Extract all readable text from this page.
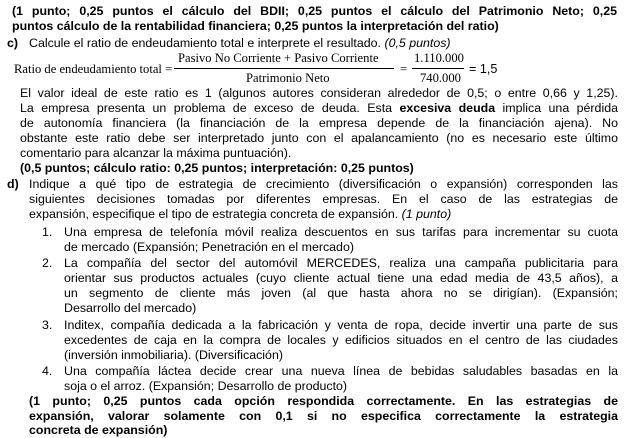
(1 punto; 0,25 puntos el cálculo del BDII; 0,25 puntos el cálculo del Patrimonio Neto; 0,25
puntos cálculo de la rentabilidad financiera; 0,25 puntos la interpretación del ratio)
c) Calcule el ratio de endeudamiento total e interprete el resultado. (0,5 puntos)
Ratio de endeudamiento total =
Pasivo No Corriente + Pasivo Corriente
Patrimonio Neto
=
1.110.000
740.000
= 1,5
El valor ideal de este ratio es 1 (algunos autores consideran alrededor de 0,5; o entre 0,66 y 1,25).
La empresa presenta un problema de exceso de deuda. Esta excesiva deuda implica una pérdida
de autonomía financiera (la financiación de la empresa depende de la financiación ajena). No
obstante este ratio debe ser interpretado junto con el apalancamiento (no es necesario este último
comentario para alcanzar la máxima puntuación).
(0,5 puntos; cálculo ratio: 0,25 puntos; interpretación: 0,25 puntos)
d) Indique a qué tipo de estrategia de crecimiento (diversificación o expansión) corresponden las
siguientes decisiones tomadas por diferentes empresas. En el caso de las estrategias de
expansión, especifique el tipo de estrategia concreta de expansión. (1 punto)
1. Una empresa de telefonía móvil realiza descuentos en sus tarifas para incrementar su cuota
de mercado (Expansión; Penetración en el mercado)
2. La compañía del sector del automóvil MERCEDES, realiza una campaña publicitaria para
orientar sus productos actuales (cuyo cliente actual tiene una edad media de 43,5 años), a
un segmento de cliente más joven (al que hasta ahora no se dirigían). (Expansión;
Desarrollo del mercado)
3. Inditex, compañía dedicada a la fabricación y venta de ropa, decide invertir una parte de sus
excedentes de caja en la compra de locales y edificios situados en el centro de las ciudades
(inversión inmobiliaria). (Diversificación)
4. Una compañía láctea decide crear una nueva línea de bebidas saludables basadas en la
soja o el arroz. (Expansión; Desarrollo de producto)
(1 punto; 0,25 puntos cada opción respondida correctamente. En las estrategias de
expansión, valorar solamente con 0,1 si no especifica correctamente la estrategia
concreta de expansión)
